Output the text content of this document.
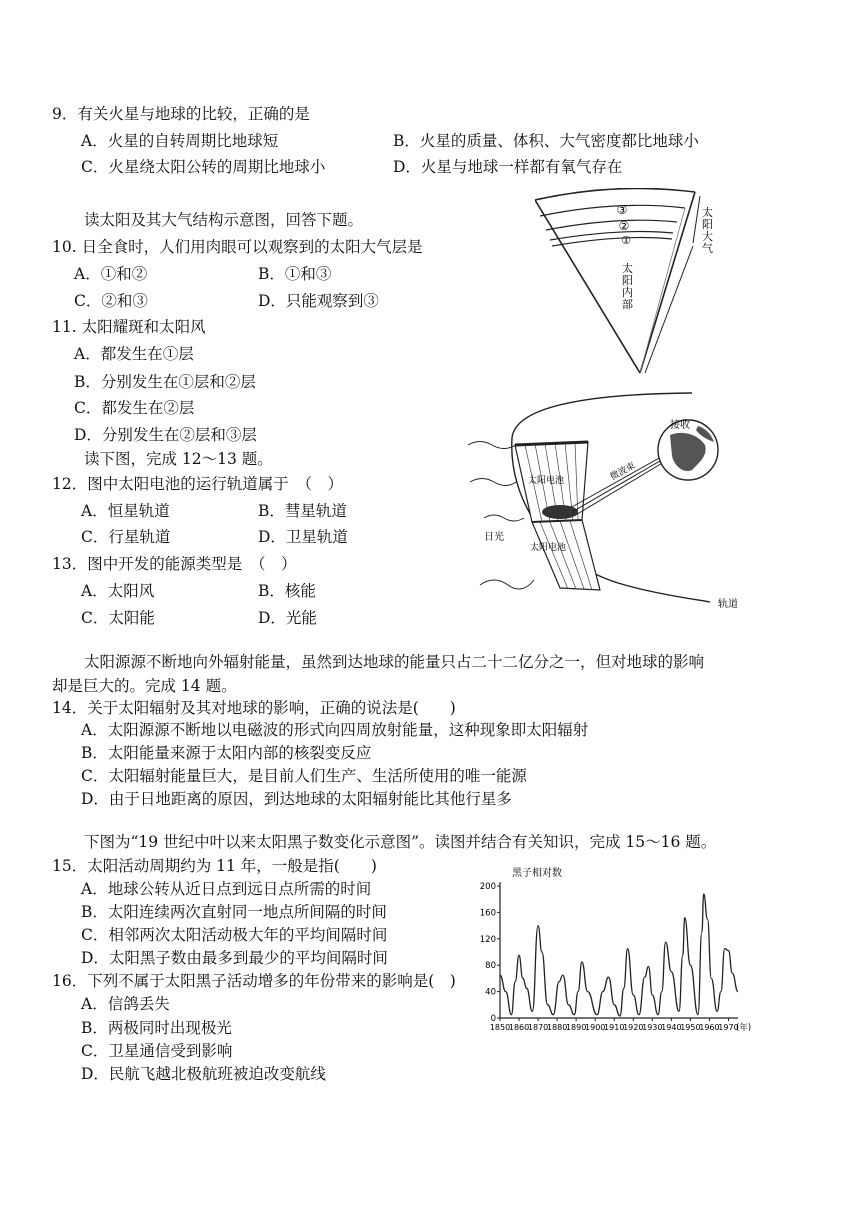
9．有关火星与地球的比较，正确的是
A．火星的自转周期比地球短	B．火星的质量、体积、大气密度都比地球小
C．火星绕太阳公转的周期比地球小	D．火星与地球一样都有氧气存在
读太阳及其大气结构示意图，回答下题。
10. 日全食时，人们用肉眼可以观察到的太阳大气层是
A．①和②	B．①和③
C．②和③	D．只能观察到③
11. 太阳耀斑和太阳风
A．都发生在①层
B．分别发生在①层和②层
C．都发生在②层
D．分别发生在②层和③层
读下图，完成 12～13 题。
12．图中太阳电池的运行轨道属于　（　）
A．恒星轨道	B．彗星轨道
C．行星轨道	D．卫星轨道
13．图中开发的能源类型是　（　）
A．太阳风	B．核能
C．太阳能	D．光能
太阳源源不断地向外辐射能量，虽然到达地球的能量只占二十二亿分之一，但对地球的影响
却是巨大的。完成 14 题。
14．关于太阳辐射及其对地球的影响，正确的说法是(　　)
A．太阳源源不断地以电磁波的形式向四周放射能量，这种现象即太阳辐射
B．太阳能量来源于太阳内部的核裂变反应
C．太阳辐射能量巨大，是目前人们生产、生活所使用的唯一能源
D．由于日地距离的原因，到达地球的太阳辐射能比其他行星多
下图为“19 世纪中叶以来太阳黑子数变化示意图”。读图并结合有关知识，完成 15～16 题。
15．太阳活动周期约为 11 年，一般是指(　　)
A．地球公转从近日点到远日点所需的时间
B．太阳连续两次直射同一地点所间隔的时间
C．相邻两次太阳活动极大年的平均间隔时间
D．太阳黑子数由最多到最少的平均间隔时间
16．下列不属于太阳黑子活动增多的年份带来的影响是(　)
A．信鸽丢失
B．两极同时出现极光
C．卫星通信受到影响
D．民航飞越北极航班被迫改变航线
③
②
①
太
阳
大
气
太
阳
内
部
接收
微波束
太阳电池
太阳电池
日光
轨道
黑子相对数
200
160
120
80
40
0
1850
1860
1870
1880
1890
1900
1910
1920
1930
1940
1950
1960
1970
(年)
